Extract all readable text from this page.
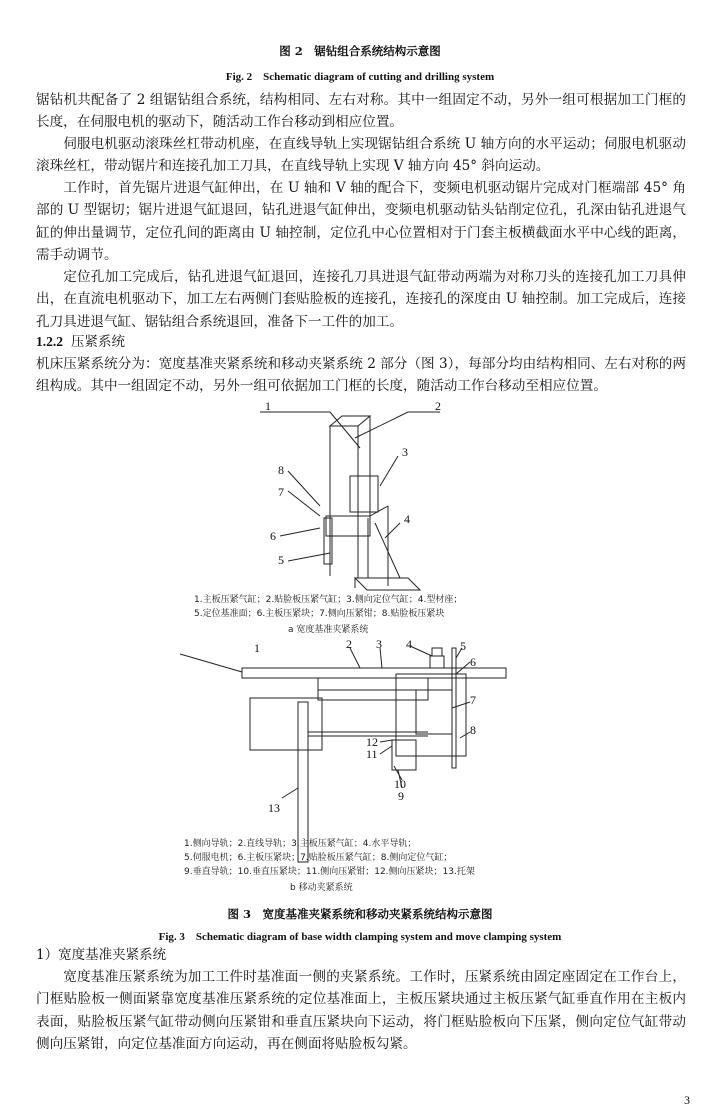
图 2　锯钻组合系统结构示意图
Fig. 2　Schematic diagram of cutting and drilling system

锯钻机共配备了 2 组锯钻组合系统，结构相同、左右对称。其中一组固定不动，另外一组可根据加工门框的长度，在伺服电机的驱动下，随活动工作台移动到相应位置。

伺服电机驱动滚珠丝杠带动机座，在直线导轨上实现锯钻组合系统 U 轴方向的水平运动；伺服电机驱动滚珠丝杠，带动锯片和连接孔加工刀具，在直线导轨上实现 V 轴方向 45° 斜向运动。

工作时，首先锯片进退气缸伸出，在 U 轴和 V 轴的配合下，变频电机驱动锯片完成对门框端部 45° 角部的 U 型锯切；锯片进退气缸退回，钻孔进退气缸伸出，变频电机驱动钻头钻削定位孔，孔深由钻孔进退气缸的伸出量调节，定位孔间的距离由 U 轴控制，定位孔中心位置相对于门套主板横截面水平中心线的距离，需手动调节。

定位孔加工完成后，钻孔进退气缸退回，连接孔刀具进退气缸带动两端为对称刀头的连接孔加工刀具伸出，在直流电机驱动下，加工左右两侧门套贴脸板的连接孔，连接孔的深度由 U 轴控制。加工完成后，连接孔刀具进退气缸、锯钻组合系统退回，准备下一工件的加工。

1.2.2 压紧系统

机床压紧系统分为：宽度基准夹紧系统和移动夹紧系统 2 部分（图 3），每部分均由结构相同、左右对称的两组构成。其中一组固定不动，另外一组可依据加工门框的长度，随活动工作台移动至相应位置。

1	2
3
4
5
6
7
8
1.主板压紧气缸；2.贴脸板压紧气缸；3.侧向定位气缸；4.型材座；
5.定位基准面；6.主板压紧块；7.侧向压紧钳；8.贴脸板压紧块
a 宽度基准夹紧系统
1	2 3 4	5
6
7
8
9
10
11
12
13
1.侧向导轨；2.直线导轨；3.主板压紧气缸；4.水平导轨；
5.伺服电机；6.主板压紧块；7.贴脸板压紧气缸；8.侧向定位气缸；
9.垂直导轨；10.垂直压紧块；11.侧向压紧钳；12.侧向压紧块；13.托架
b 移动夹紧系统
图 3　宽度基准夹紧系统和移动夹紧系统结构示意图
Fig. 3　Schematic diagram of base width clamping system and move clamping system
1）宽度基准夹紧系统

宽度基准压紧系统为加工工件时基准面一侧的夹紧系统。工作时，压紧系统由固定座固定在工作台上，门框贴脸板一侧面紧靠宽度基准压紧系统的定位基准面上，主板压紧块通过主板压紧气缸垂直作用在主板内表面，贴脸板压紧气缸带动侧向压紧钳和垂直压紧块向下运动，将门框贴脸板向下压紧，侧向定位气缸带动侧向压紧钳，向定位基准面方向运动，再在侧面将贴脸板勾紧。

3
